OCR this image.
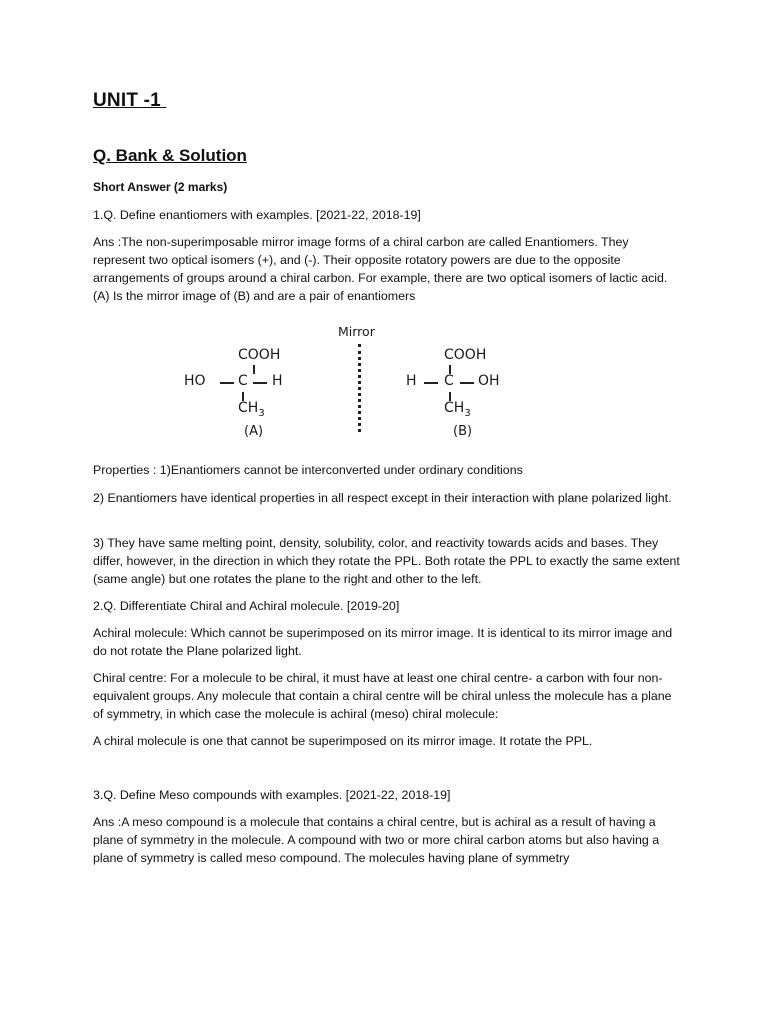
UNIT -1
Q. Bank & Solution
Short Answer (2 marks)
1.Q. Define enantiomers with examples. [2021-22, 2018-19]
Ans :The non-superimposable mirror image forms of a chiral carbon are called Enantiomers. They represent two optical isomers (+), and (-). Their opposite rotatory powers are due to the opposite arrangements of groups around a chiral carbon. For example, there are two optical isomers of lactic acid. (A) Is the mirror image of (B) and are a pair of enantiomers
Mirror
COOH
HO C H
$CH_3$
(A)
COOH
H C OH
$CH_3$
(B)
Properties : 1)Enantiomers cannot be interconverted under ordinary conditions
2) Enantiomers have identical properties in all respect except in their interaction with plane polarized light.
3) They have same melting point, density, solubility, color, and reactivity towards acids and bases. They differ, however, in the direction in which they rotate the PPL. Both rotate the PPL to exactly the same extent (same angle) but one rotates the plane to the right and other to the left.
2.Q. Differentiate Chiral and Achiral molecule. [2019-20]
Achiral molecule: Which cannot be superimposed on its mirror image. It is identical to its mirror image and do not rotate the Plane polarized light.
Chiral centre: For a molecule to be chiral, it must have at least one chiral centre- a carbon with four non-equivalent groups. Any molecule that contain a chiral centre will be chiral unless the molecule has a plane of symmetry, in which case the molecule is achiral (meso) chiral molecule:
A chiral molecule is one that cannot be superimposed on its mirror image. It rotate the PPL.
3.Q. Define Meso compounds with examples. [2021-22, 2018-19]
Ans :A meso compound is a molecule that contains a chiral centre, but is achiral as a result of having a plane of symmetry in the molecule. A compound with two or more chiral carbon atoms but also having a plane of symmetry is called meso compound. The molecules having plane of symmetry
